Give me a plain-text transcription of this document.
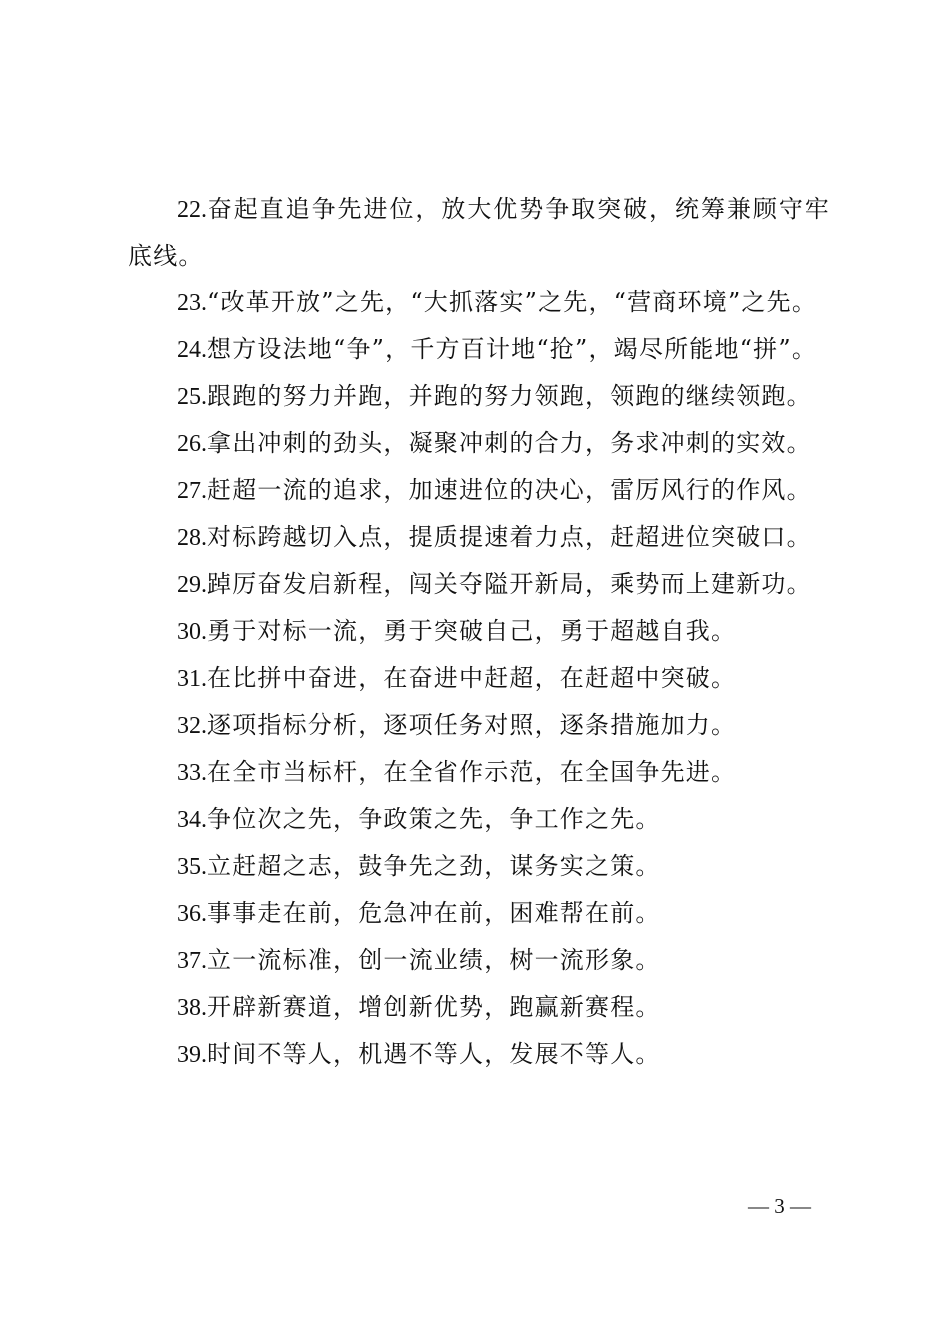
22.奋起直追争先进位，放大优势争取突破，统筹兼顾守牢底线。

23.“改革开放”之先，“大抓落实”之先，“营商环境”之先。

24.想方设法地“争”，千方百计地“抢”，竭尽所能地“拼”。

25.跟跑的努力并跑，并跑的努力领跑，领跑的继续领跑。

26.拿出冲刺的劲头，凝聚冲刺的合力，务求冲刺的实效。

27.赶超一流的追求，加速进位的决心，雷厉风行的作风。

28.对标跨越切入点，提质提速着力点，赶超进位突破口。

29.踔厉奋发启新程，闯关夺隘开新局，乘势而上建新功。

30.勇于对标一流，勇于突破自己，勇于超越自我。

31.在比拼中奋进，在奋进中赶超，在赶超中突破。

32.逐项指标分析，逐项任务对照，逐条措施加力。

33.在全市当标杆，在全省作示范，在全国争先进。

34.争位次之先，争政策之先，争工作之先。

35.立赶超之志，鼓争先之劲，谋务实之策。

36.事事走在前，危急冲在前，困难帮在前。

37.立一流标准，创一流业绩，树一流形象。

38.开辟新赛道，增创新优势，跑赢新赛程。

39.时间不等人，机遇不等人，发展不等人。

— 3 —
